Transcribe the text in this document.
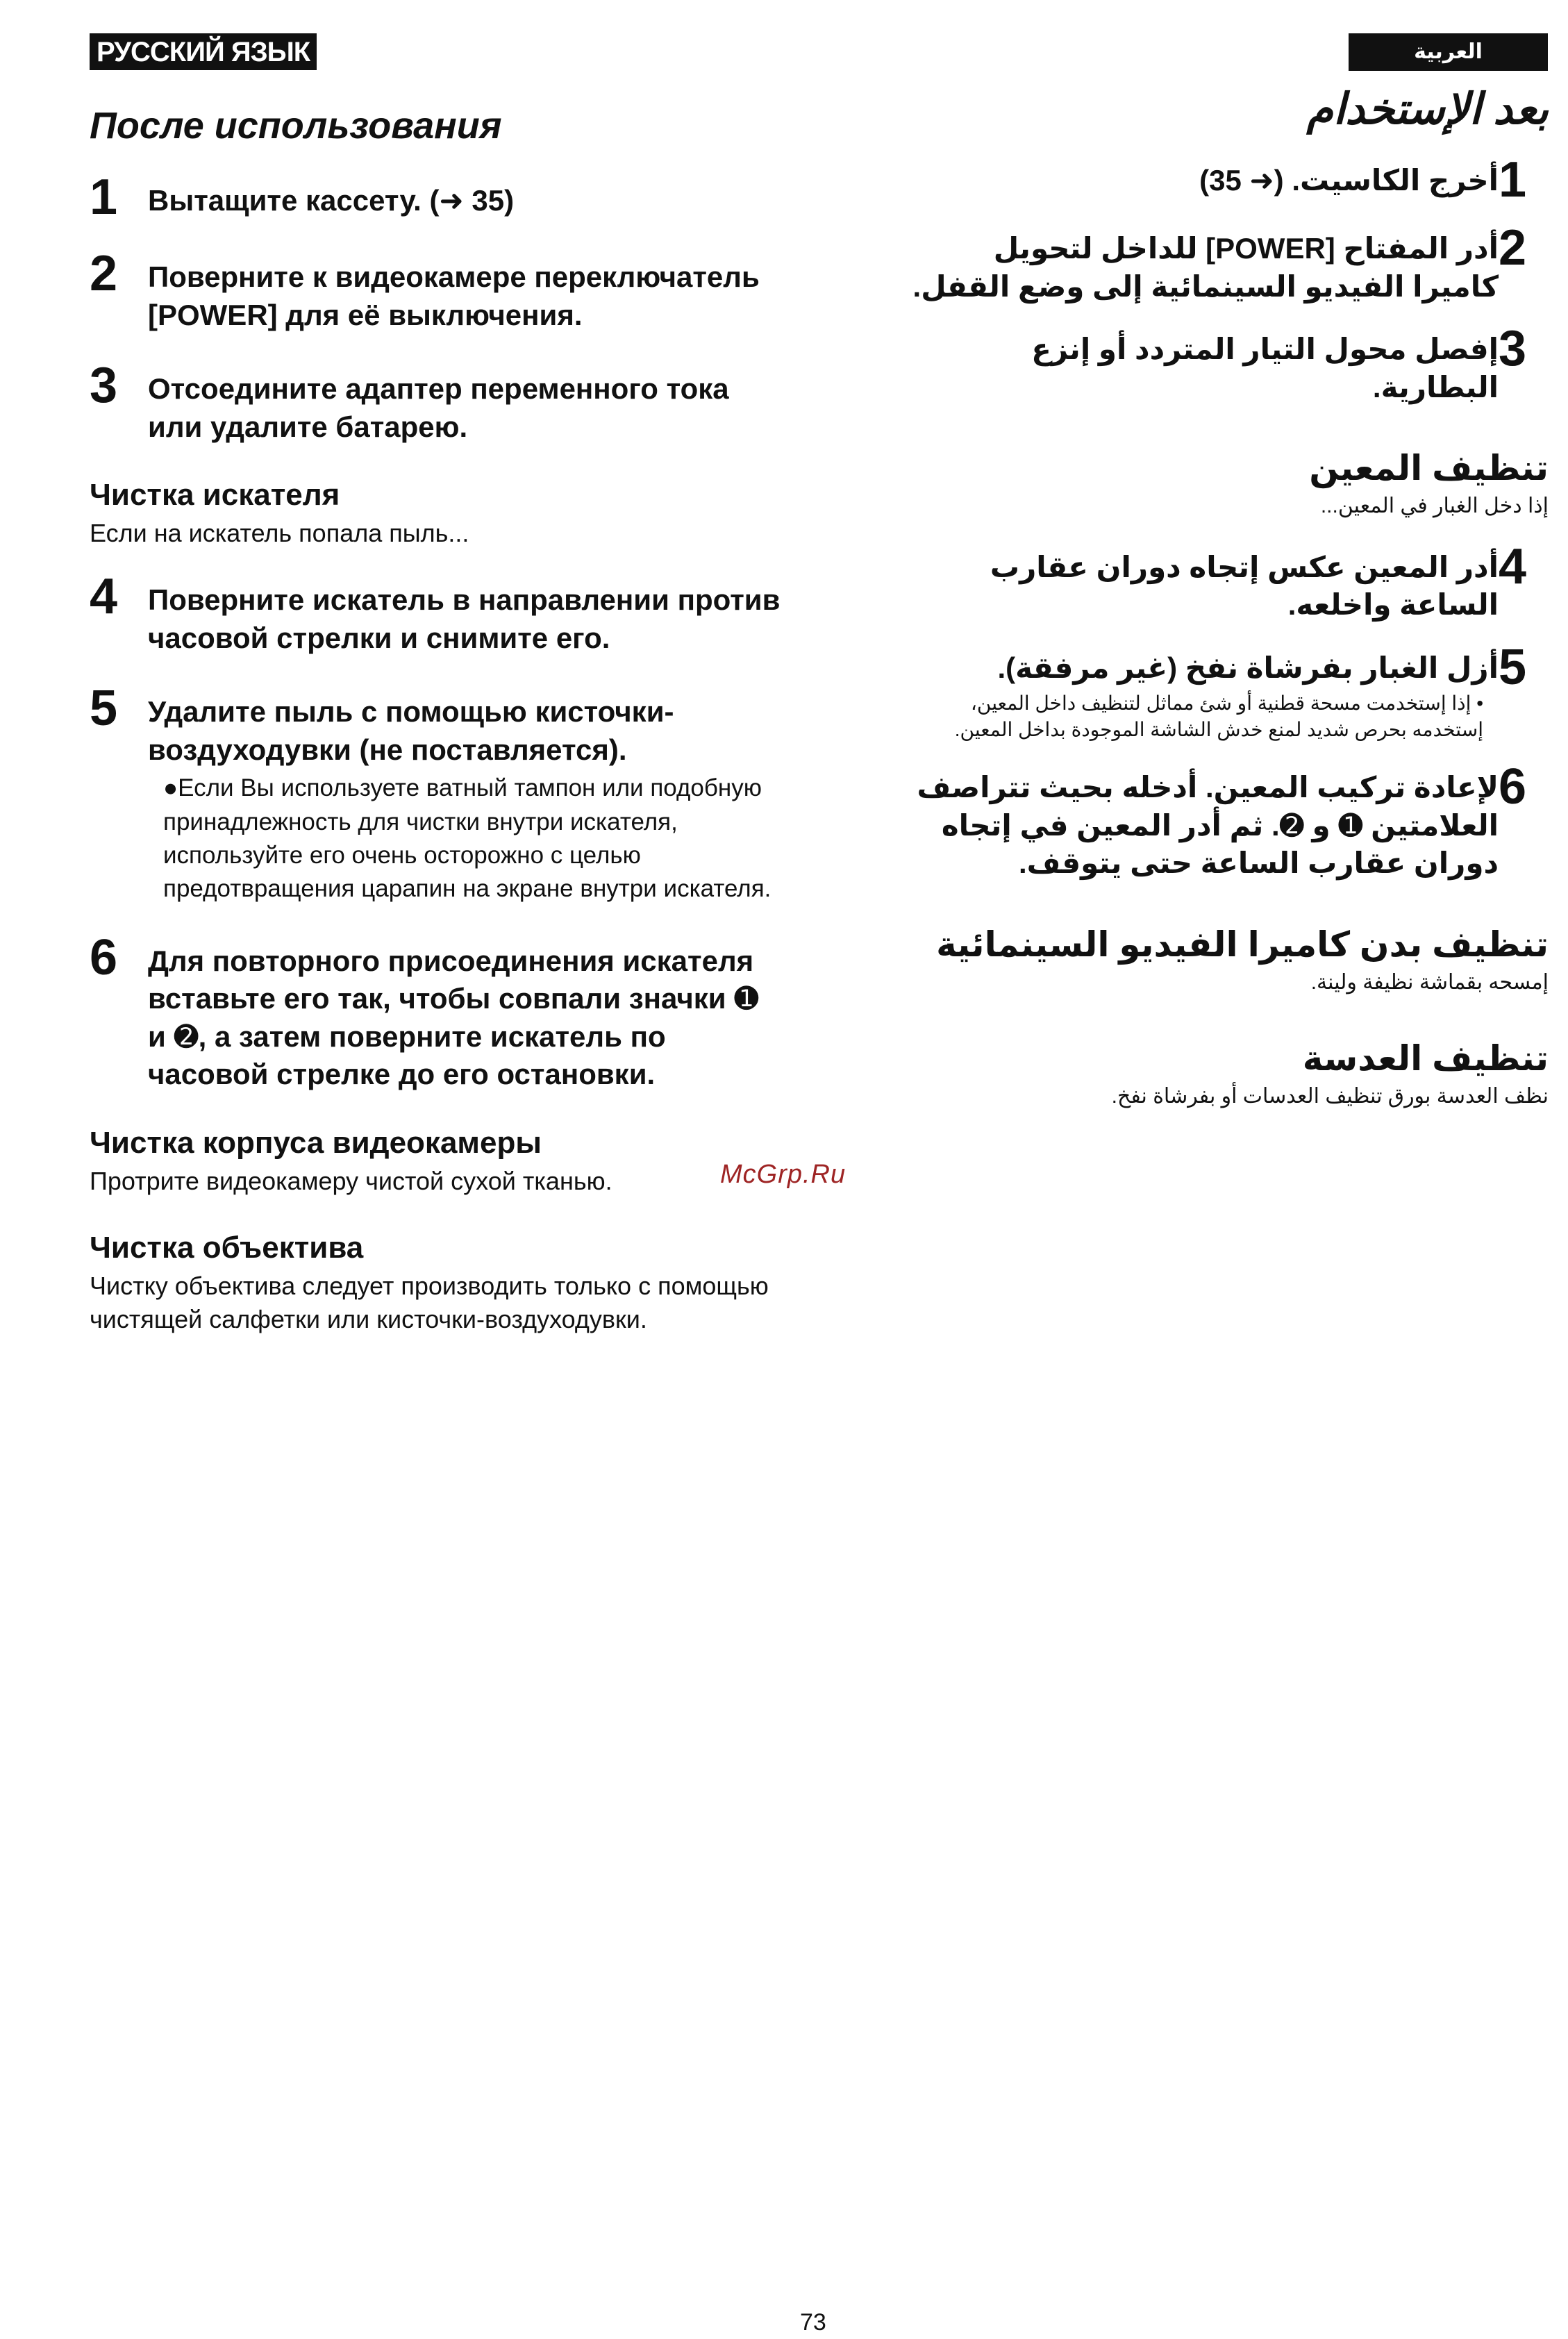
РУССКИЙ ЯЗЫК	العربية
После использования
1	Вытащите кассету. (➜ 35)
2	Поверните к видеокамере переключатель [POWER] для её выключения.
3	Отсоедините адаптер переменного тока или удалите батарею.
Чистка искателя
Если на искатель попала пыль...
4	Поверните искатель в направлении против часовой стрелки и снимите его.
5	Удалите пыль с помощью кисточки-воздуходувки (не поставляется).
●Если Вы используете ватный тампон или подобную принадлежность для чистки внутри искателя, используйте его очень осторожно с целью предотвращения царапин на экране внутри искателя.
6	Для повторного присоединения искателя вставьте его так, чтобы совпали значки ➊ и ➋, а затем поверните искатель по часовой стрелке до его остановки.
Чистка корпуса видеокамеры
Протрите видеокамеру чистой сухой тканью.
Чистка объектива
Чистку объектива следует производить только с помощью чистящей салфетки или кисточки-воздуходувки.
بعد الإستخدام
1
أخرج الكاسيت. (➜ 35)
2
أدر المفتاح [POWER] للداخل لتحويل كاميرا الفيديو السينمائية إلى وضع القفل.
3
إفصل محول التيار المتردد أو إنزع البطارية.
تنظيف المعين
إذا دخل الغبار في المعين...
4
أدر المعين عكس إتجاه دوران عقارب الساعة واخلعه.
5
أزل الغبار بفرشاة نفخ (غير مرفقة).
• إذا إستخدمت مسحة قطنية أو شئ مماثل لتنظيف داخل المعين، إستخدمه بحرص شديد لمنع خدش الشاشة الموجودة بداخل المعين.
6
لإعادة تركيب المعين. أدخله بحيث تتراصف العلامتين ➊ و ➋. ثم أدر المعين في إتجاه دوران عقارب الساعة حتى يتوقف.
تنظيف بدن كاميرا الفيديو السينمائية
إمسحه بقماشة نظيفة ولينة.
تنظيف العدسة
نظف العدسة بورق تنظيف العدسات أو بفرشاة نفخ.
McGrp.Ru
73
